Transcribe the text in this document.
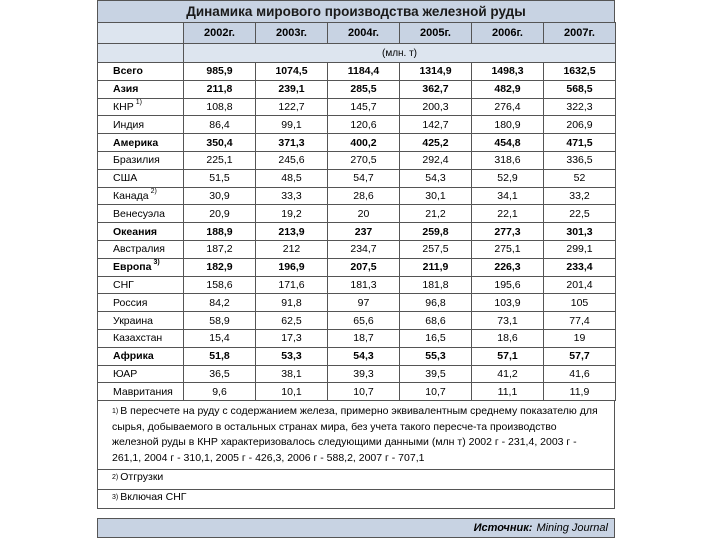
Динамика мирового производства железной руды
	2002г.	2003г.	2004г.	2005г.	2006г.	2007г.
	(млн. т)					
Всего	985,9	1074,5	1184,4	1314,9	1498,3	1632,5
Азия	211,8	239,1	285,5	362,7	482,9	568,5
КНР $^{1)}$	108,8	122,7	145,7	200,3	276,4	322,3
Индия	86,4	99,1	120,6	142,7	180,9	206,9
Америка	350,4	371,3	400,2	425,2	454,8	471,5
Бразилия	225,1	245,6	270,5	292,4	318,6	336,5
США	51,5	48,5	54,7	54,3	52,9	52
Канада $^{2)}$	30,9	33,3	28,6	30,1	34,1	33,2
Венесуэла	20,9	19,2	20	21,2	22,1	22,5
Океания	188,9	213,9	237	259,8	277,3	301,3
Австралия	187,2	212	234,7	257,5	275,1	299,1
Европа $^{3)}$	182,9	196,9	207,5	211,9	226,3	233,4
СНГ	158,6	171,6	181,3	181,8	195,6	201,4
Россия	84,2	91,8	97	96,8	103,9	105
Украина	58,9	62,5	65,6	68,6	73,1	77,4
Казахстан	15,4	17,3	18,7	16,5	18,6	19
Африка	51,8	53,3	54,3	55,3	57,1	57,7
ЮАР	36,5	38,1	39,3	39,5	41,2	41,6
Мавритания	9,6	10,1	10,7	10,7	11,1	11,9
$^{1)}$ В пересчете на руду с содержанием железа, примерно эквивалентным среднему показателю для сырья, добываемого в остальных странах мира, без учета такого пересче-та производство железной руды в КНР характеризовалось следующими данными (млн т) 2002 г - 231,4, 2003 г - 261,1, 2004 г - 310,1, 2005 г - 426,3, 2006 г - 588,2, 2007 г - 707,1
$^{2)}$ Отгрузки
$^{3)}$ Включая СНГ
Источник: Mining Journal
